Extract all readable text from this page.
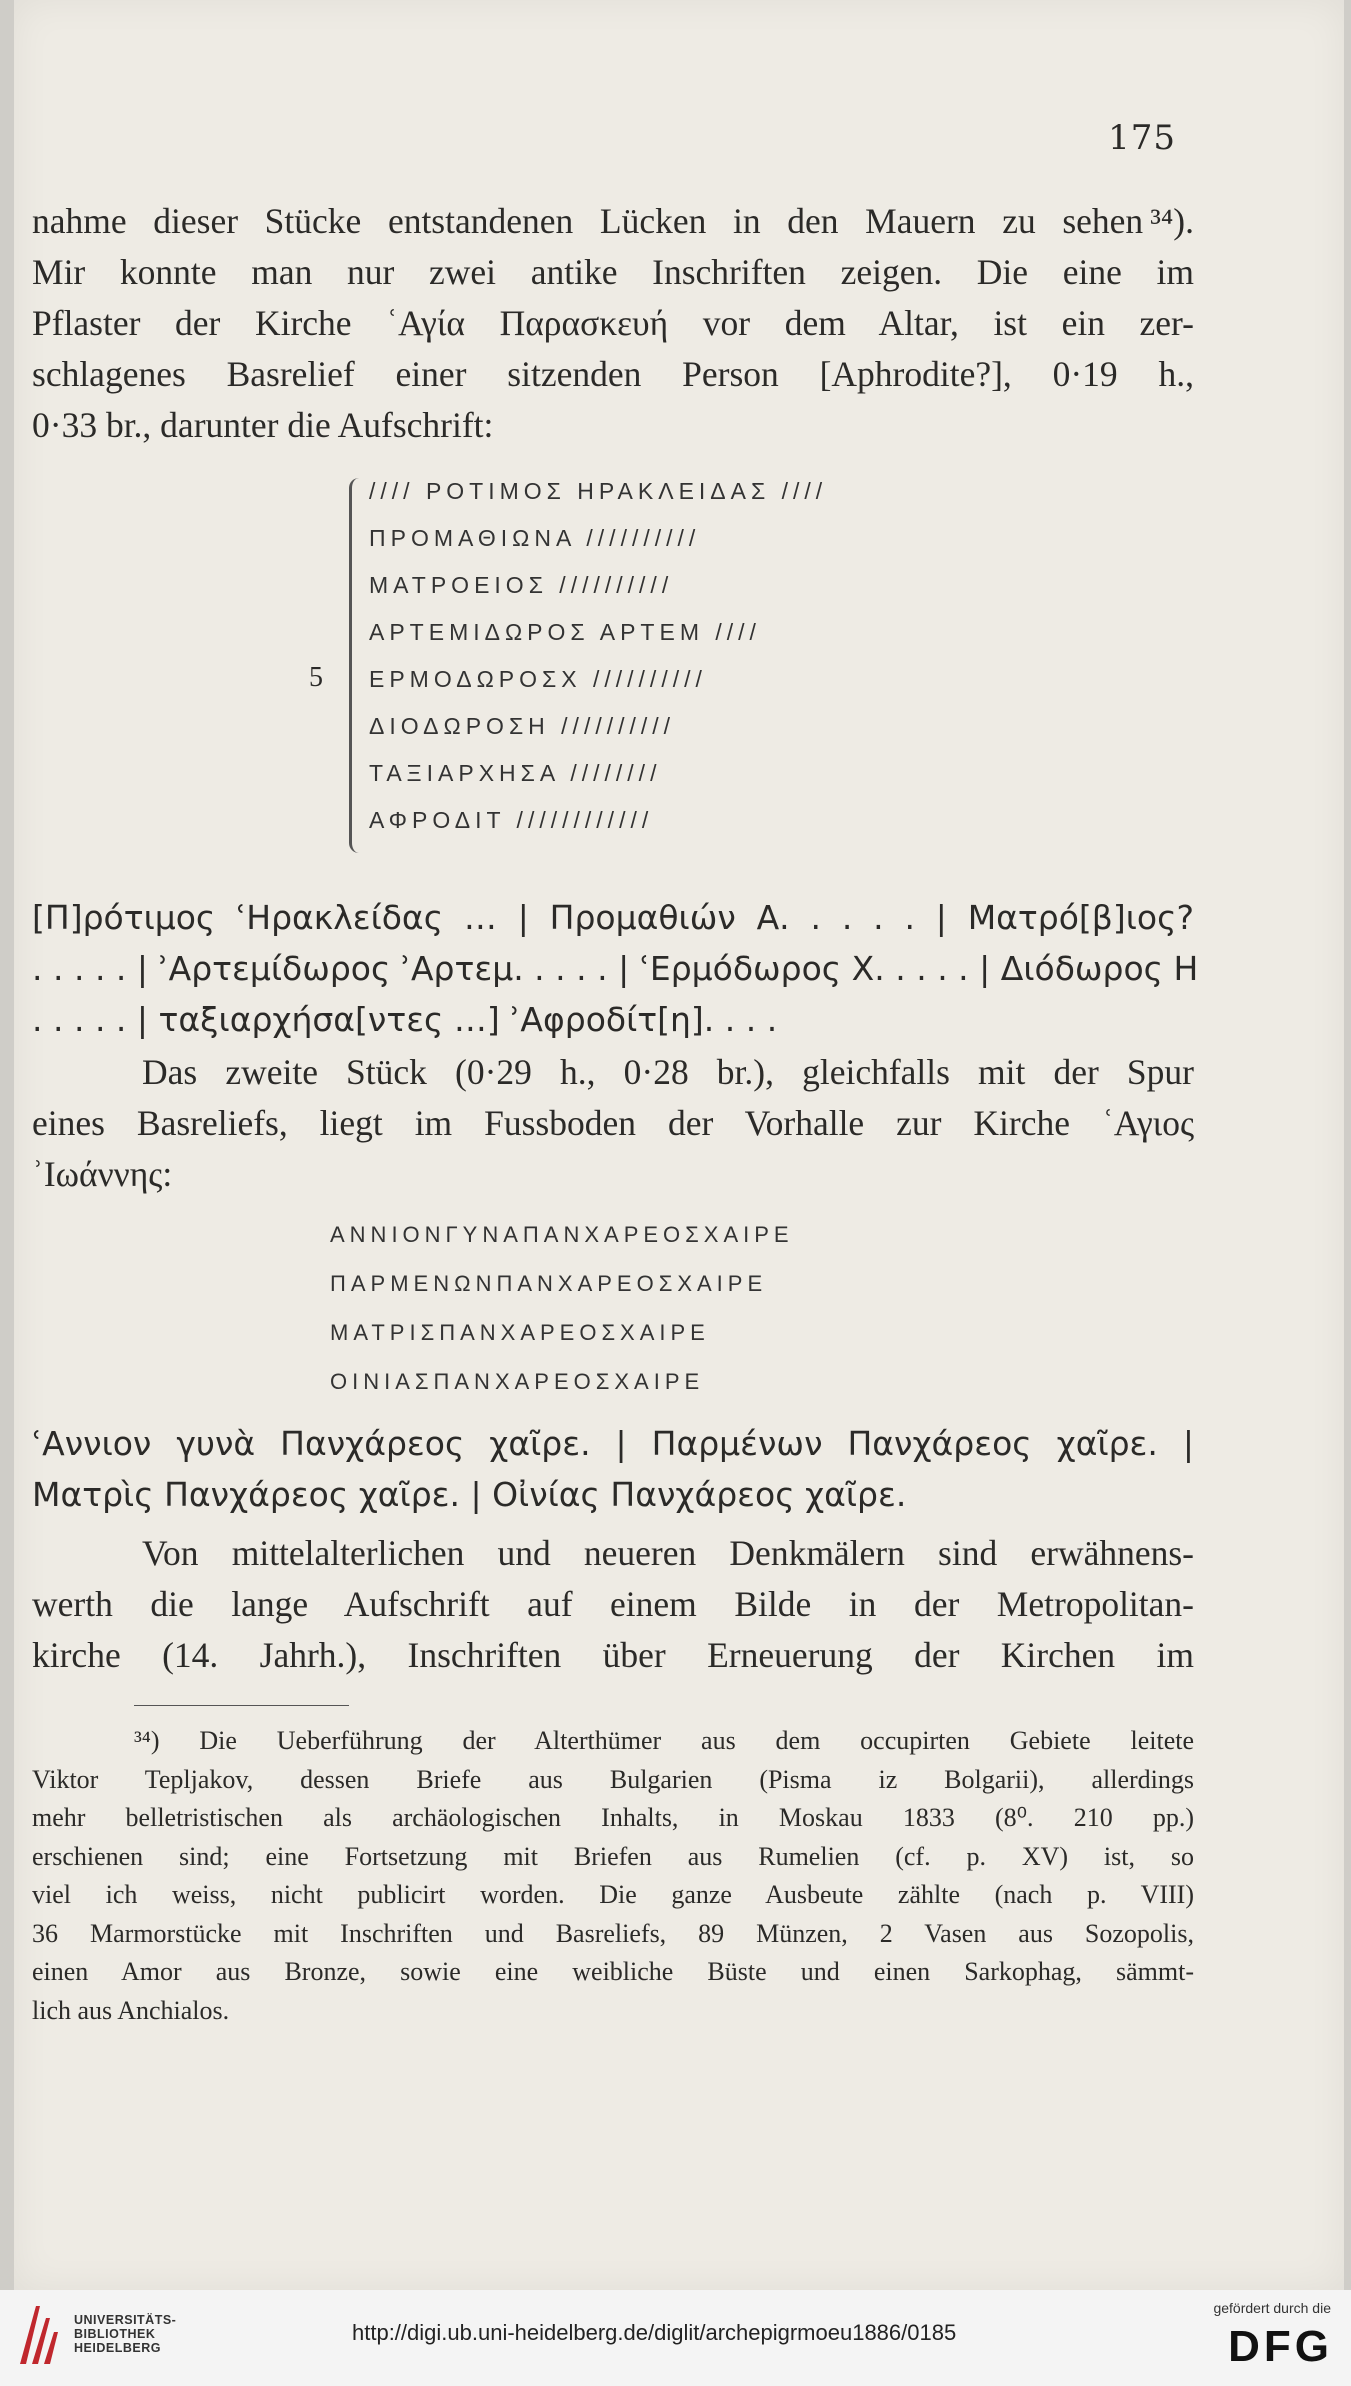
175
nahme dieser Stücke entstandenen Lücken in den Mauern zu sehen ³⁴).
Mir konnte man nur zwei antike Inschriften zeigen. Die eine im
Pflaster der Kirche ʿΑγία Παρασκευή vor dem Altar, ist ein zer-
schlagenes Basrelief einer sitzenden Person [Aphrodite?], 0·19 h.,
0·33 br., darunter die Aufschrift:
//// ΡΟΤΙΜΟΣ ΗΡΑΚΛΕΙΔΑΣ ////
ΠΡΟΜΑΘΙΩΝΑ //////////
ΜΑΤΡΟΕΙΟΣ //////////
ΑΡΤΕΜΙΔΩΡΟΣ ΑΡΤΕΜ ////
ΕΡΜΟΔΩΡΟΣΧ //////////
5
ΔΙΟΔΩΡΟΣΗ //////////
ΤΑΞΙΑΡΧΗΣΑ ////////
ΑΦΡΟΔΙΤ ////////////
[Π]ρότιμος ʿΗρακλείδας … | Προμαθιών Α. . . . . | Ματρό[β]ιος?
. . . . . | ʾΑρτεμίδωρος ʾΑρτεμ. . . . . | ʿΕρμόδωρος Χ. . . . . | Διόδωρος Η
. . . . . | ταξιαρχήσα[ντες …] ʾΑφροδίτ[η]. . . .
Das zweite Stück (0·29 h., 0·28 br.), gleichfalls mit der Spur
eines Basreliefs, liegt im Fussboden der Vorhalle zur Kirche ʿΑγιος
ʾΙωάννης:
ΑΝΝΙΟΝΓΥΝΑΠΑΝΧΑΡΕΟΣΧΑΙΡΕ
ΠΑΡΜΕΝΩΝΠΑΝΧΑΡΕΟΣΧΑΙΡΕ
ΜΑΤΡΙΣΠΑΝΧΑΡΕΟΣΧΑΙΡΕ
ΟΙΝΙΑΣΠΑΝΧΑΡΕΟΣΧΑΙΡΕ
ʿΑννιον γυνὰ Πανχάρεος χαῖρε. | Παρμένων Πανχάρεος χαῖρε. |
Ματρὶς Πανχάρεος χαῖρε. | Οἰνίας Πανχάρεος χαῖρε.
Von mittelalterlichen und neueren Denkmälern sind erwähnens-
werth die lange Aufschrift auf einem Bilde in der Metropolitan-
kirche (14. Jahrh.), Inschriften über Erneuerung der Kirchen im
³⁴) Die Ueberführung der Alterthümer aus dem occupirten Gebiete leitete
Viktor Tepljakov, dessen Briefe aus Bulgarien (Pisma iz Bolgarii), allerdings
mehr belletristischen als archäologischen Inhalts, in Moskau 1833 (8⁰. 210 pp.)
erschienen sind; eine Fortsetzung mit Briefen aus Rumelien (cf. p. XV) ist, so
viel ich weiss, nicht publicirt worden. Die ganze Ausbeute zählte (nach p. VIII)
36 Marmorstücke mit Inschriften und Basreliefs, 89 Münzen, 2 Vasen aus Sozopolis,
einen Amor aus Bronze, sowie eine weibliche Büste und einen Sarkophag, sämmt-
lich aus Anchialos.
UNIVERSITÄTS-
BIBLIOTHEK
HEIDELBERG
http://digi.ub.uni-heidelberg.de/diglit/archepigrmoeu1886/0185
gefördert durch die
DFG
